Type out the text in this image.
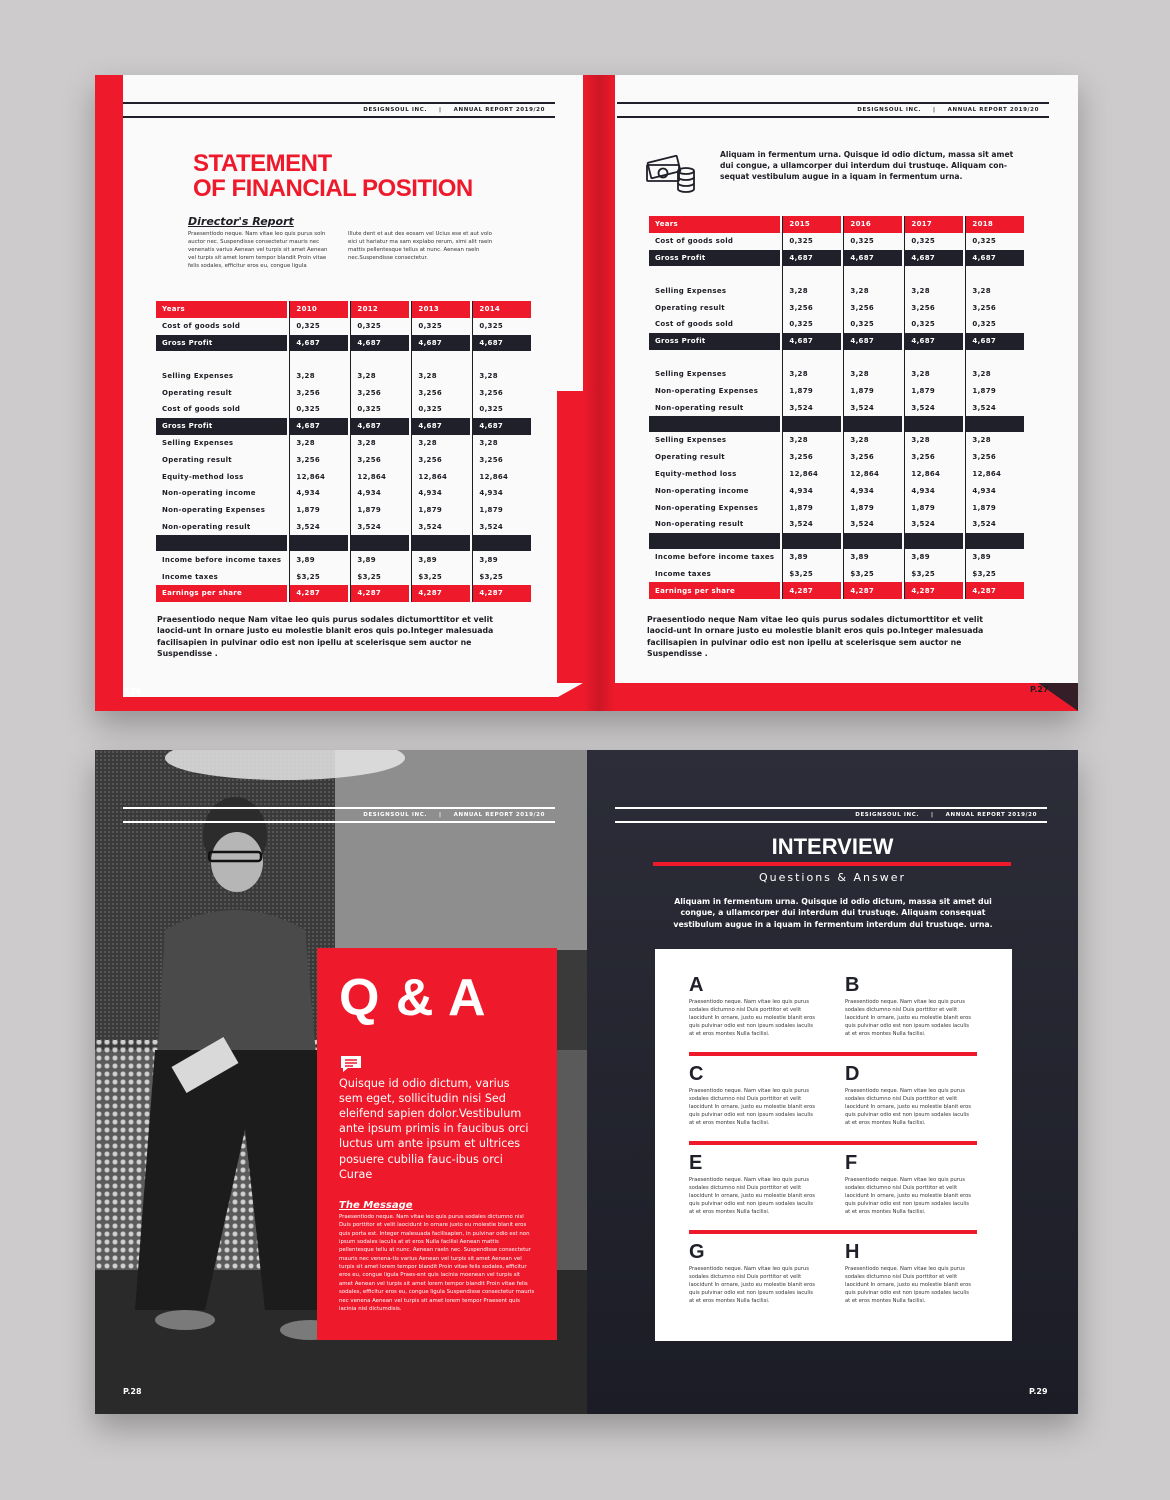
DESIGNSOUL INC. | ANNUAL REPORT 2019/20
STATEMENT
OF FINANCIAL POSITION
Director's Report
Praesentiodo neque. Nam vitae leo quis purus soln auctor nec. Suspendisse consectetur mauris nec venenatis varius Aenean vel turpis sit amet Aenean vel turpis sit amet lorem tempor blandit Proin vitae felis sodales, efficitur eros eu, congue ligula
Illute dent et aut des eosam vel Ucius ese et aut volo eici ut hariatur ma sam explabo rerum, simi alit raein mattis pellentesque tellus at nunc. Aenean raeln nec.Suspendisse consectetur.
Years	2010	2012	2013	2014
Cost of goods sold	0,325	0,325	0,325	0,325
Gross Profit	4,687	4,687	4,687	4,687

Selling Expenses	3,28	3,28	3,28	3,28
Operating result	3,256	3,256	3,256	3,256
Cost of goods sold	0,325	0,325	0,325	0,325
Gross Profit	4,687	4,687	4,687	4,687
Selling Expenses	3,28	3,28	3,28	3,28
Operating result	3,256	3,256	3,256	3,256
Equity-method loss	12,864	12,864	12,864	12,864
Non-operating income	4,934	4,934	4,934	4,934
Non-operating Expenses	1,879	1,879	1,879	1,879
Non-operating result	3,524	3,524	3,524	3,524

Income before income taxes	3,89	3,89	3,89	3,89
Income taxes	$3,25	$3,25	$3,25	$3,25
Earnings per share	4,287	4,287	4,287	4,287
Praesentiodo neque Nam vitae leo quis purus sodales dictumorttitor et velit laocid-unt In ornare justo eu molestie blanit eros quis po.Integer malesuada facilisapien in pulvinar odio est non ipellu at scelerisque sem auctor ne Suspendisse .
P.26
DESIGNSOUL INC. | ANNUAL REPORT 2019/20
Aliquam in fermentum urna. Quisque id odio dictum, massa sit amet dui congue, a ullamcorper dui interdum dui trustuqe. Aliquam con-sequat vestibulum augue in a iquam in fermentum urna.
Years	2015	2016	2017	2018
Cost of goods sold	0,325	0,325	0,325	0,325
Gross Profit	4,687	4,687	4,687	4,687

Selling Expenses	3,28	3,28	3,28	3,28
Operating result	3,256	3,256	3,256	3,256
Cost of goods sold	0,325	0,325	0,325	0,325
Gross Profit	4,687	4,687	4,687	4,687

Selling Expenses	3,28	3,28	3,28	3,28
Non-operating Expenses	1,879	1,879	1,879	1,879
Non-operating result	3,524	3,524	3,524	3,524

Selling Expenses	3,28	3,28	3,28	3,28
Operating result	3,256	3,256	3,256	3,256
Equity-method loss	12,864	12,864	12,864	12,864
Non-operating income	4,934	4,934	4,934	4,934
Non-operating Expenses	1,879	1,879	1,879	1,879
Non-operating result	3,524	3,524	3,524	3,524

Income before income taxes	3,89	3,89	3,89	3,89
Income taxes	$3,25	$3,25	$3,25	$3,25
Earnings per share	4,287	4,287	4,287	4,287
Praesentiodo neque Nam vitae leo quis purus sodales dictumorttitor et velit laocid-unt In ornare justo eu molestie blanit eros quis po.Integer malesuada facilisapien in pulvinar odio est non ipellu at scelerisque sem auctor ne Suspendisse .
P.27
DESIGNSOUL INC. | ANNUAL REPORT 2019/20
Q & A
Quisque id odio dictum, varius sem eget, sollicitudin nisi Sed eleifend sapien dolor.Vestibulum ante ipsum primis in faucibus orci luctus um ante ipsum et ultrices posuere cubilia fauc-ibus orci Curae
The Message
Praesentiodo neque. Nam vitae leo quis purus sodales dictumno nisl Duis porttitor et velit laocidunt In ornare justo eu molestie blanit eros quis porta est. Integer malesuada facilisapien, in pulvinar odio est non ipsum sodales iaculis at et eros Nulla facilisi Aenean mattis pellentesque tellu at nunc. Aenean raeln nec. Suspendisse consectetur mauris nec venena-tis varius Aenean vel turpis sit amet Aenean vel turpis sit amet lorem tempor blandit Proin vitae felis sodales, efficitur eros eu, congue ligula Praes-ent quis lacinia moenean vel turpis sit amet Aenean vel turpis sit amet lorem tempor blandit Proin vitae felis sodales, efficitur eros eu, congue ligula Suspendisse consectetur mauris nec venena Aenean vel turpis sit amet lorem tempor Praesent quis lacinia nisl dictumdisis.
P.28
DESIGNSOUL INC. | ANNUAL REPORT 2019/20
INTERVIEW
Questions & Answer
Aliquam in fermentum urna. Quisque id odio dictum, massa sit amet dui congue, a ullamcorper dui interdum dui trustuqe. Aliquam consequat vestibulum augue in a iquam in fermentum interdum dui trustuqe. urna.
A
Praesentiodo neque. Nam vitae leo quis purus sodales dictumno nisl Duis porttitor et velit laocidunt In ornare, justo eu molestie blanit eros quis pulvinar odio est non ipsum sodales iaculis at et eros montes Nulla facilisi.
B
Praesentiodo neque. Nam vitae leo quis purus sodales dictumno nisl Duis porttitor et velit laocidunt In ornare, justo eu molestie blanit eros quis pulvinar odio est non ipsum sodales iaculis at et eros montes Nulla facilisi.
C
Praesentiodo neque. Nam vitae leo quis purus sodales dictumno nisl Duis porttitor et velit laocidunt In ornare, justo eu molestie blanit eros quis pulvinar odio est non ipsum sodales iaculis at et eros montes Nulla facilisi.
D
Praesentiodo neque. Nam vitae leo quis purus sodales dictumno nisl Duis porttitor et velit laocidunt In ornare, justo eu molestie blanit eros quis pulvinar odio est non ipsum sodales iaculis at et eros montes Nulla facilisi.
E
Praesentiodo neque. Nam vitae leo quis purus sodales dictumno nisl Duis porttitor et velit laocidunt In ornare, justo eu molestie blanit eros quis pulvinar odio est non ipsum sodales iaculis at et eros montes Nulla facilisi.
F
Praesentiodo neque. Nam vitae leo quis purus sodales dictumno nisl Duis porttitor et velit laocidunt In ornare, justo eu molestie blanit eros quis pulvinar odio est non ipsum sodales iaculis at et eros montes Nulla facilisi.
G
Praesentiodo neque. Nam vitae leo quis purus sodales dictumno nisl Duis porttitor et velit laocidunt In ornare, justo eu molestie blanit eros quis pulvinar odio est non ipsum sodales iaculis at et eros montes Nulla facilisi.
H
Praesentiodo neque. Nam vitae leo quis purus sodales dictumno nisl Duis porttitor et velit laocidunt In ornare, justo eu molestie blanit eros quis pulvinar odio est non ipsum sodales iaculis at et eros montes Nulla facilisi.
P.29
